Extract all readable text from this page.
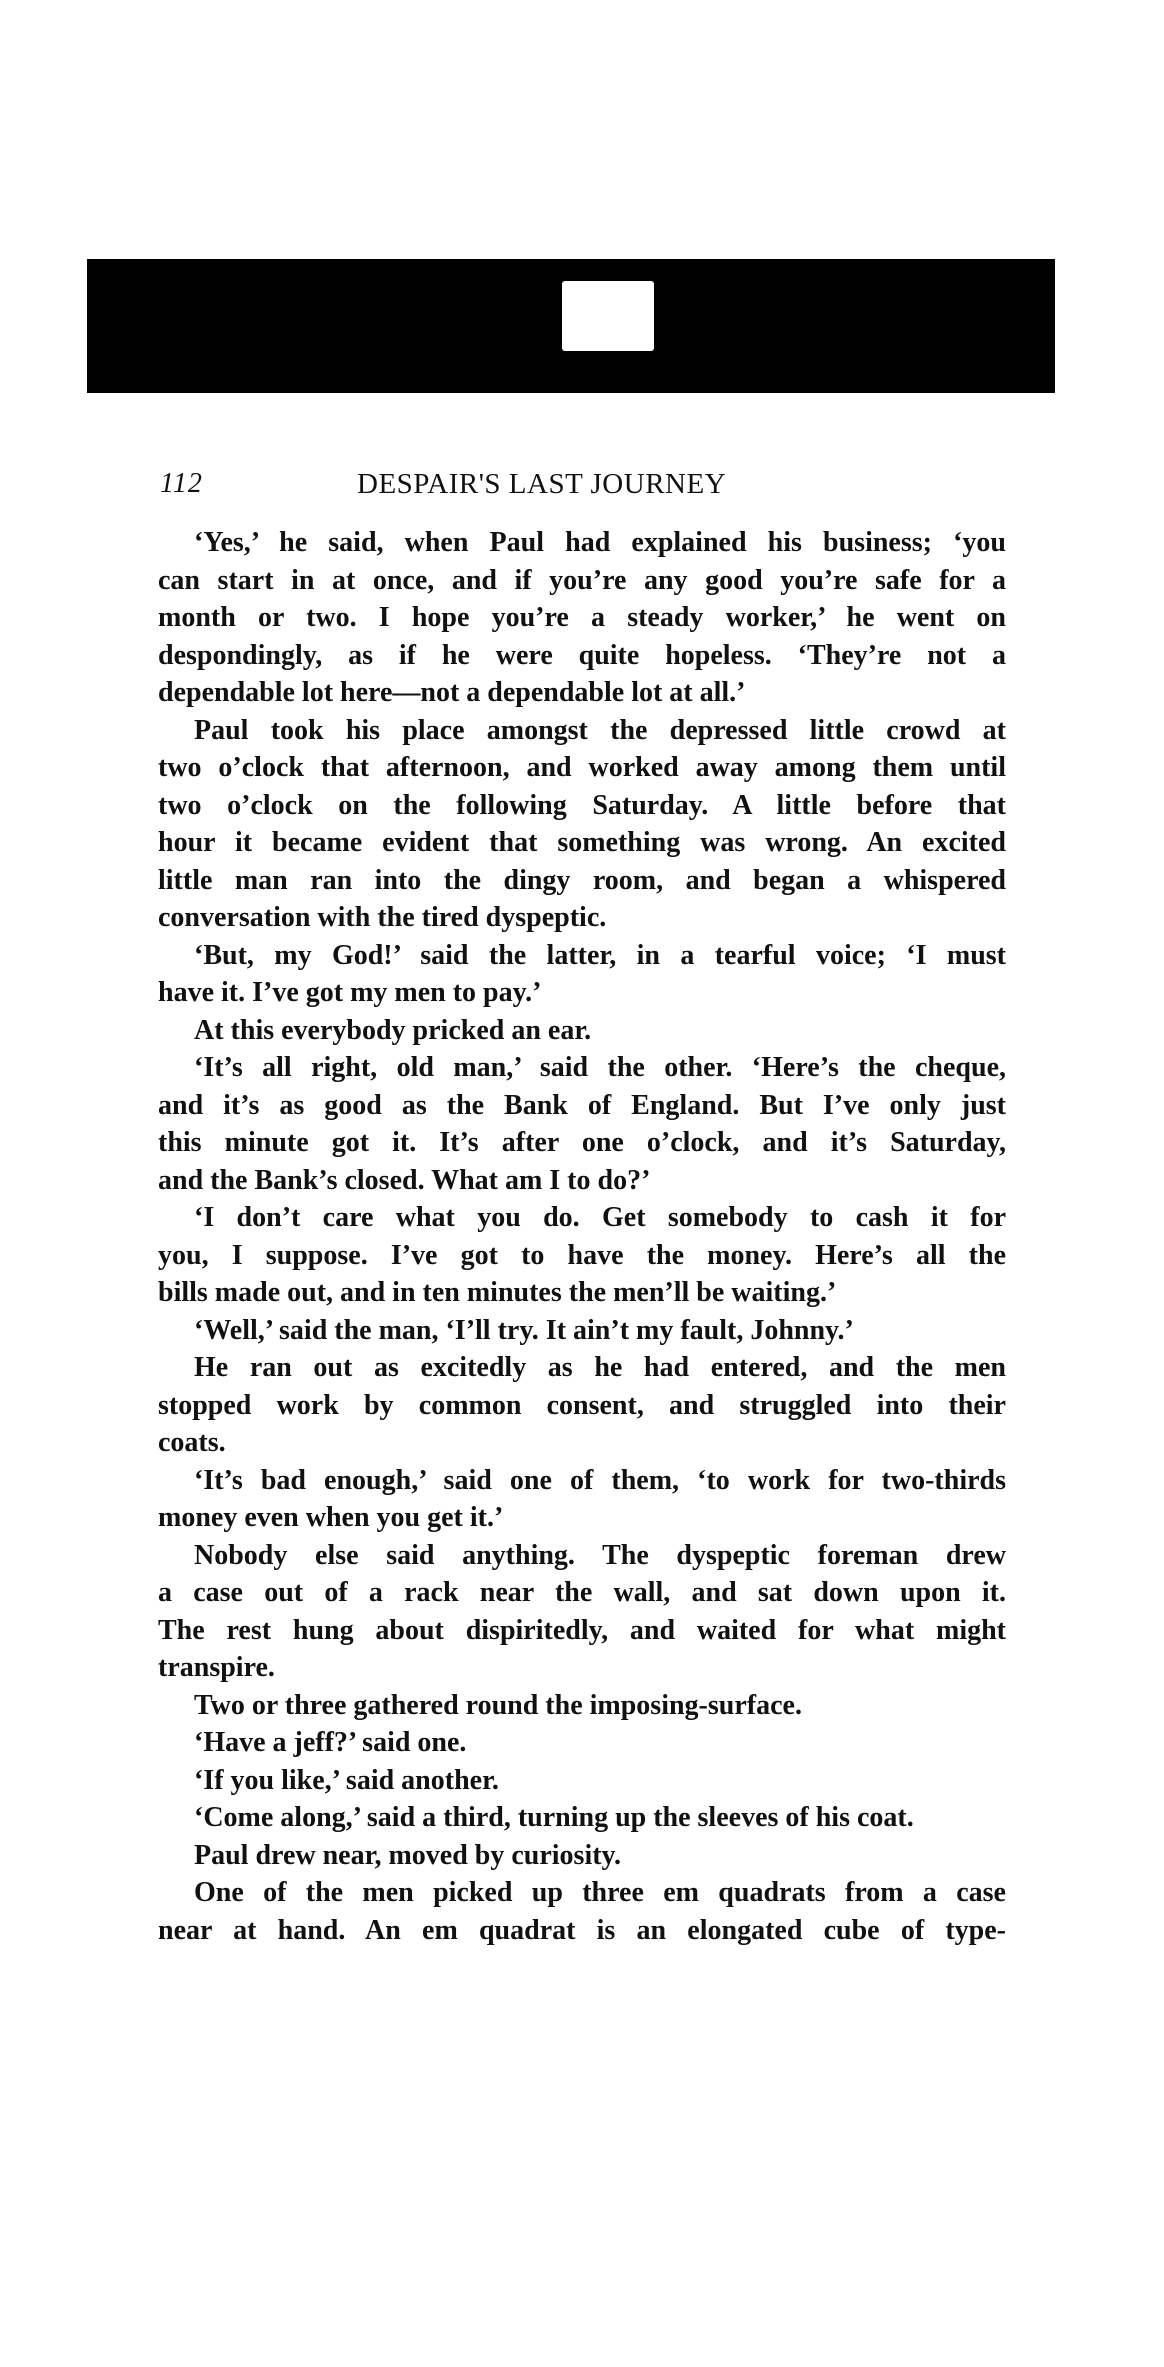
112	DESPAIR'S LAST JOURNEY
‘Yes,’ he said, when Paul had explained his business; ‘you
can start in at once, and if you’re any good you’re safe for a
month or two. I hope you’re a steady worker,’ he went on
despondingly, as if he were quite hopeless. ‘They’re not a
dependable lot here—not a dependable lot at all.’
Paul took his place amongst the depressed little crowd at
two o’clock that afternoon, and worked away among them until
two o’clock on the following Saturday. A little before that
hour it became evident that something was wrong. An excited
little man ran into the dingy room, and began a whispered
conversation with the tired dyspeptic.
‘But, my God!’ said the latter, in a tearful voice; ‘I must
have it. I’ve got my men to pay.’
At this everybody pricked an ear.
‘It’s all right, old man,’ said the other. ‘Here’s the cheque,
and it’s as good as the Bank of England. But I’ve only just
this minute got it. It’s after one o’clock, and it’s Saturday,
and the Bank’s closed. What am I to do?’
‘I don’t care what you do. Get somebody to cash it for
you, I suppose. I’ve got to have the money. Here’s all the
bills made out, and in ten minutes the men’ll be waiting.’
‘Well,’ said the man, ‘I’ll try. It ain’t my fault, Johnny.’
He ran out as excitedly as he had entered, and the men
stopped work by common consent, and struggled into their
coats.
‘It’s bad enough,’ said one of them, ‘to work for two-thirds
money even when you get it.’
Nobody else said anything. The dyspeptic foreman drew
a case out of a rack near the wall, and sat down upon it.
The rest hung about dispiritedly, and waited for what might
transpire.
Two or three gathered round the imposing-surface.
‘Have a jeff?’ said one.
‘If you like,’ said another.
‘Come along,’ said a third, turning up the sleeves of his coat.
Paul drew near, moved by curiosity.
One of the men picked up three em quadrats from a case
near at hand. An em quadrat is an elongated cube of type-
